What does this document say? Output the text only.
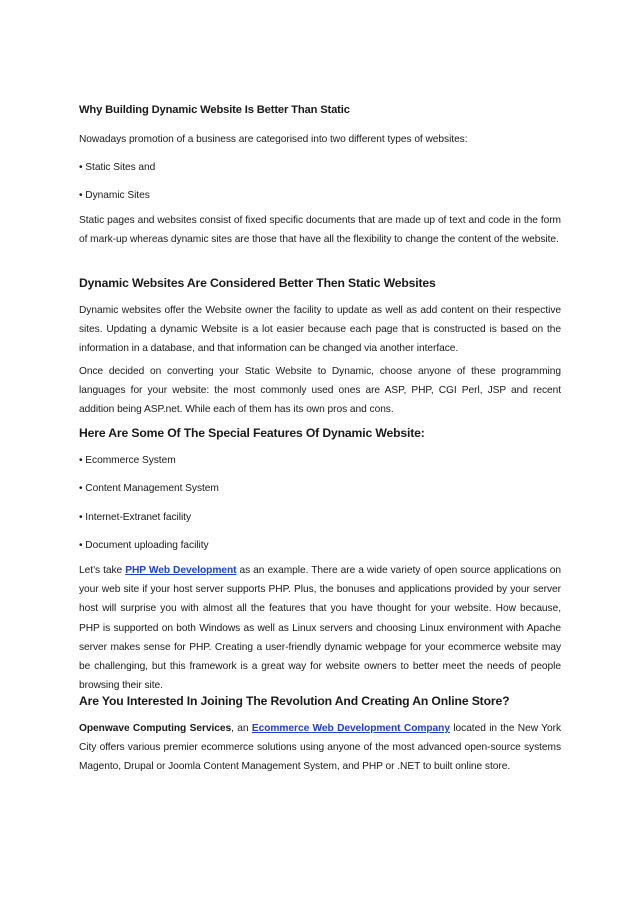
Why Building Dynamic Website Is Better Than Static
Nowadays promotion of a business are categorised into two different types of websites:
• Static Sites and
• Dynamic Sites
Static pages and websites consist of fixed specific documents that are made up of text and code in the form of mark-up whereas dynamic sites are those that have all the flexibility to change the content of the website.
Dynamic Websites Are Considered Better Then Static Websites
Dynamic websites offer the Website owner the facility to update as well as add content on their respective sites. Updating a dynamic Website is a lot easier because each page that is constructed is based on the information in a database, and that information can be changed via another interface.
Once decided on converting your Static Website to Dynamic, choose anyone of these programming languages for your website: the most commonly used ones are ASP, PHP, CGI Perl, JSP and recent addition being ASP.net. While each of them has its own pros and cons.
Here Are Some Of The Special Features Of Dynamic Website:
• Ecommerce System
• Content Management System
• Internet-Extranet facility
• Document uploading facility
Let’s take PHP Web Development as an example. There are a wide variety of open source applications on your web site if your host server supports PHP. Plus, the bonuses and applications provided by your server host will surprise you with almost all the features that you have thought for your website. How because, PHP is supported on both Windows as well as Linux servers and choosing Linux environment with Apache server makes sense for PHP. Creating a user-friendly dynamic webpage for your ecommerce website may be challenging, but this framework is a great way for website owners to better meet the needs of people browsing their site.
Are You Interested In Joining The Revolution And Creating An Online Store?
Openwave Computing Services, an Ecommerce Web Development Company located in the New York City offers various premier ecommerce solutions using anyone of the most advanced open-source systems Magento, Drupal or Joomla Content Management System, and PHP or .NET to built online store.
